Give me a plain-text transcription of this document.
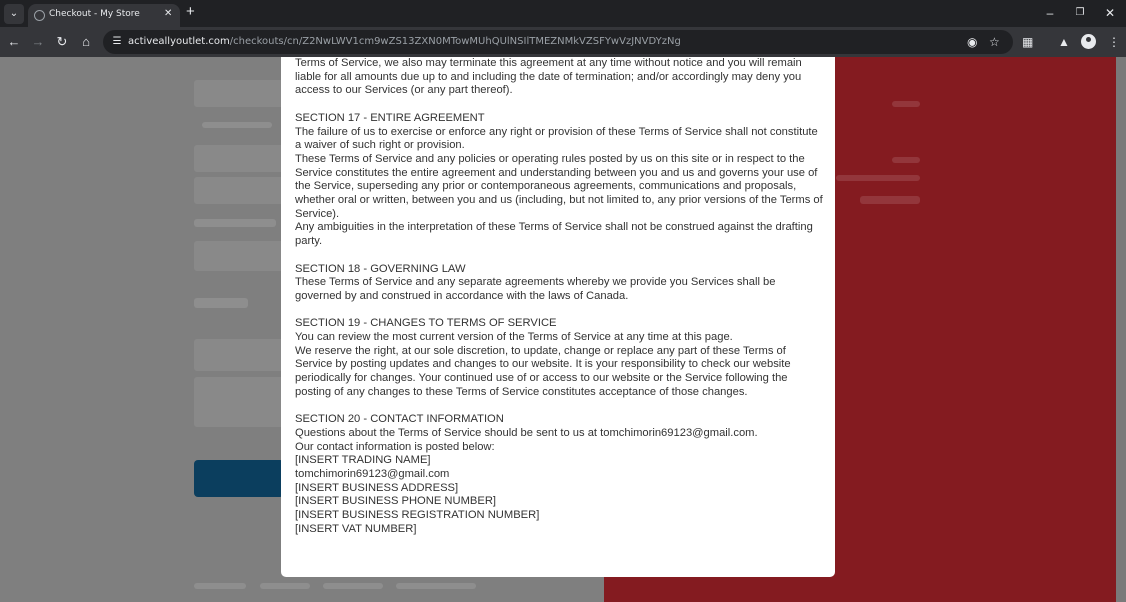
⌄	Checkout - My Store ✕ +	–	❐ ✕
← → ↻	⌂	☰ activeallyoutlet.com/checkouts/cn/Z2NwLWV1cm9wZS13ZXN0MTowMUhQUlNSIlTMEZNMkVZSFYwVzJNVDYzNg	◉ ☆ ▦ ▲	⋮

Terms of Service, we also may terminate this agreement at any time without notice and you will remain liable for all amounts due up to and including the date of termination; and/or accordingly may deny you access to our Services (or any part thereof).

SECTION 17 - ENTIRE AGREEMENT

The failure of us to exercise or enforce any right or provision of these Terms of Service shall not constitute a waiver of such right or provision.

These Terms of Service and any policies or operating rules posted by us on this site or in respect to the Service constitutes the entire agreement and understanding between you and us and governs your use of the Service, superseding any prior or contemporaneous agreements, communications and proposals, whether oral or written, between you and us (including, but not limited to, any prior versions of the Terms of Service).

Any ambiguities in the interpretation of these Terms of Service shall not be construed against the drafting party.

SECTION 18 - GOVERNING LAW

These Terms of Service and any separate agreements whereby we provide you Services shall be governed by and construed in accordance with the laws of Canada.

SECTION 19 - CHANGES TO TERMS OF SERVICE

You can review the most current version of the Terms of Service at any time at this page.

We reserve the right, at our sole discretion, to update, change or replace any part of these Terms of Service by posting updates and changes to our website. It is your responsibility to check our website periodically for changes. Your continued use of or access to our website or the Service following the posting of any changes to these Terms of Service constitutes acceptance of those changes.

SECTION 20 - CONTACT INFORMATION

Questions about the Terms of Service should be sent to us at tomchimorin69123@gmail.com.

Our contact information is posted below:

[INSERT TRADING NAME]

tomchimorin69123@gmail.com

[INSERT BUSINESS ADDRESS]

[INSERT BUSINESS PHONE NUMBER]

[INSERT BUSINESS REGISTRATION NUMBER]

[INSERT VAT NUMBER]
